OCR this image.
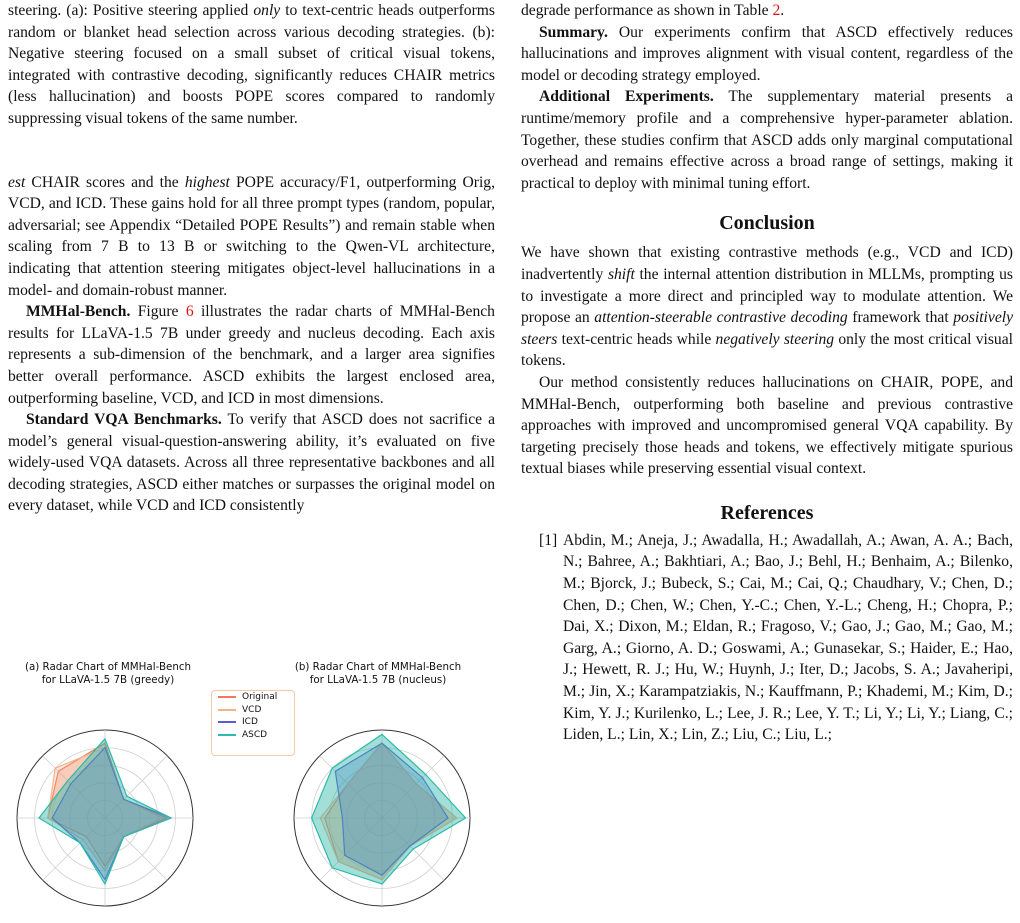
steering. (a): Positive steering applied only to text-centric heads outperforms random or blanket head selection across various decoding strategies. (b): Negative steering focused on a small subset of critical visual tokens, integrated with contrastive decoding, significantly reduces CHAIR metrics (less hallucination) and boosts POPE scores compared to randomly suppressing visual tokens of the same number.

est CHAIR scores and the highest POPE accuracy/F1, outperforming Orig, VCD, and ICD. These gains hold for all three prompt types (random, popular, adversarial; see Appendix “Detailed POPE Results”) and remain stable when scaling from 7 B to 13 B or switching to the Qwen-VL architecture, indicating that attention steering mitigates object-level hallucinations in a model- and domain-robust manner.

MMHal-Bench. Figure 6 illustrates the radar charts of MMHal-Bench results for LLaVA-1.5 7B under greedy and nucleus decoding. Each axis represents a sub-dimension of the benchmark, and a larger area signifies better overall performance. ASCD exhibits the largest enclosed area, outperforming baseline, VCD, and ICD in most dimensions.

Standard VQA Benchmarks. To verify that ASCD does not sacrifice a model’s general visual-question-answering ability, it’s evaluated on five widely-used VQA datasets. Across all three representative backbones and all decoding strategies, ASCD either matches or surpasses the original model on every dataset, while VCD and ICD consistently

(a) Radar Chart of MMHal-Bench
for LLaVA-1.5 7B (greedy)
(b) Radar Chart of MMHal-Bench
for LLaVA-1.5 7B (nucleus)
Original
VCD
ICD
ASCD

degrade performance as shown in Table 2.

Summary. Our experiments confirm that ASCD effectively reduces hallucinations and improves alignment with visual content, regardless of the model or decoding strategy employed.

Additional Experiments. The supplementary material presents a runtime/memory profile and a comprehensive hyper-parameter ablation. Together, these studies confirm that ASCD adds only marginal computational overhead and remains effective across a broad range of settings, making it practical to deploy with minimal tuning effort.

Conclusion

We have shown that existing contrastive methods (e.g., VCD and ICD) inadvertently shift the internal attention distribution in MLLMs, prompting us to investigate a more direct and principled way to modulate attention. We propose an attention-steerable contrastive decoding framework that positively steers text-centric heads while negatively steering only the most critical visual tokens.

Our method consistently reduces hallucinations on CHAIR, POPE, and MMHal-Bench, outperforming both baseline and previous contrastive approaches with improved and uncompromised general VQA capability. By targeting precisely those heads and tokens, we effectively mitigate spurious textual biases while preserving essential visual context.

References

[1] Abdin, M.; Aneja, J.; Awadalla, H.; Awadallah, A.; Awan, A. A.; Bach, N.; Bahree, A.; Bakhtiari, A.; Bao, J.; Behl, H.; Benhaim, A.; Bilenko, M.; Bjorck, J.; Bubeck, S.; Cai, M.; Cai, Q.; Chaudhary, V.; Chen, D.; Chen, D.; Chen, W.; Chen, Y.-C.; Chen, Y.-L.; Cheng, H.; Chopra, P.; Dai, X.; Dixon, M.; Eldan, R.; Fragoso, V.; Gao, J.; Gao, M.; Gao, M.; Garg, A.; Giorno, A. D.; Goswami, A.; Gunasekar, S.; Haider, E.; Hao, J.; Hewett, R. J.; Hu, W.; Huynh, J.; Iter, D.; Jacobs, S. A.; Javaheripi, M.; Jin, X.; Karampatziakis, N.; Kauffmann, P.; Khademi, M.; Kim, D.; Kim, Y. J.; Kurilenko, L.; Lee, J. R.; Lee, Y. T.; Li, Y.; Li, Y.; Liang, C.; Liden, L.; Lin, X.; Lin, Z.; Liu, C.; Liu, L.;
